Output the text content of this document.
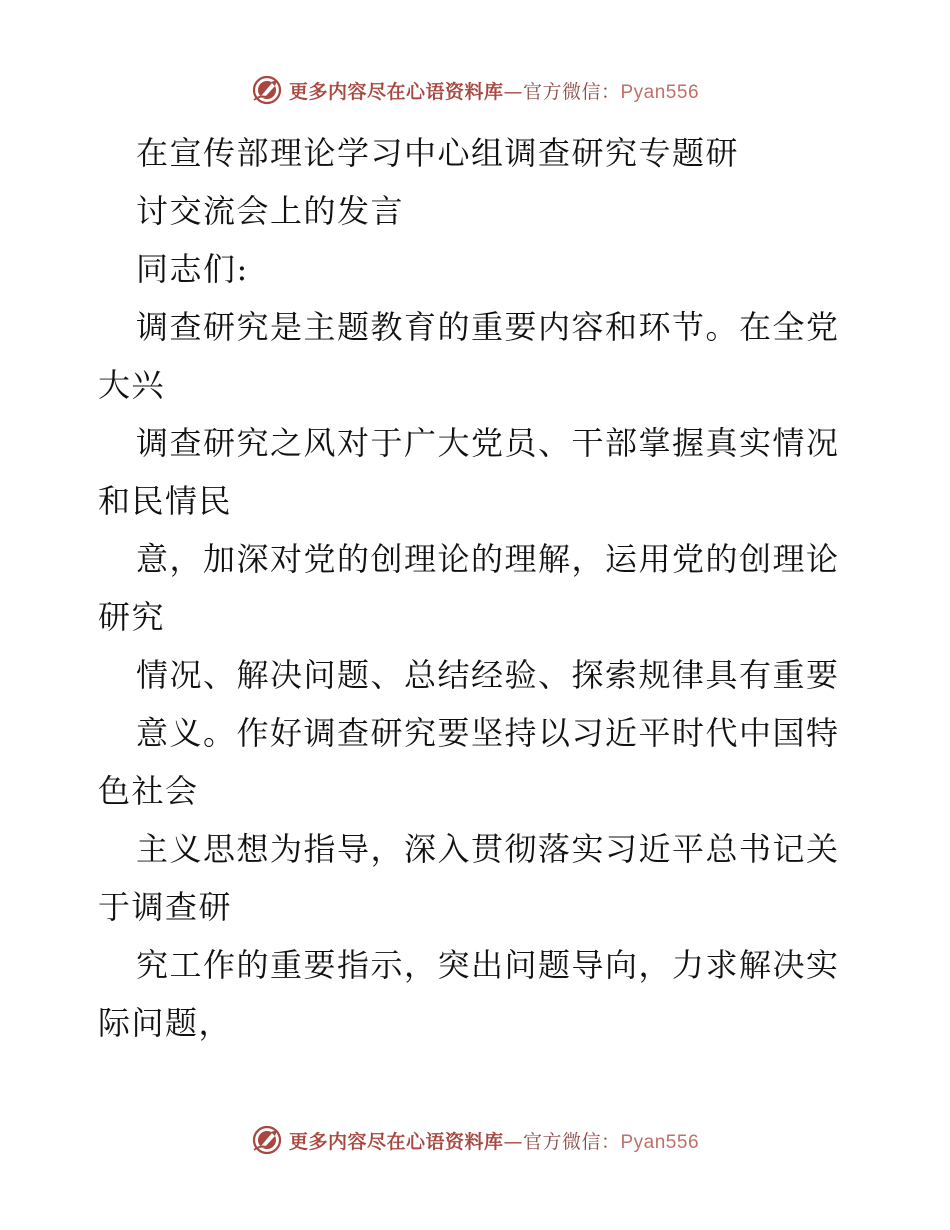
更多内容尽在心语资料库—官方微信：Pyan556
在宣传部理论学习中心组调查研究专题研
讨交流会上的发言
同志们:
调查研究是主题教育的重要内容和环节。在全党
大兴
调查研究之风对于广大党员、干部掌握真实情况
和民情民
意，加深对党的创理论的理解，运用党的创理论
研究
情况、解决问题、总结经验、探索规律具有重要
意义。作好调查研究要坚持以习近平时代中国特
色社会
主义思想为指导，深入贯彻落实习近平总书记关
于调查研
究工作的重要指示，突出问题导向，力求解决实
际问题，
更多内容尽在心语资料库—官方微信：Pyan556
